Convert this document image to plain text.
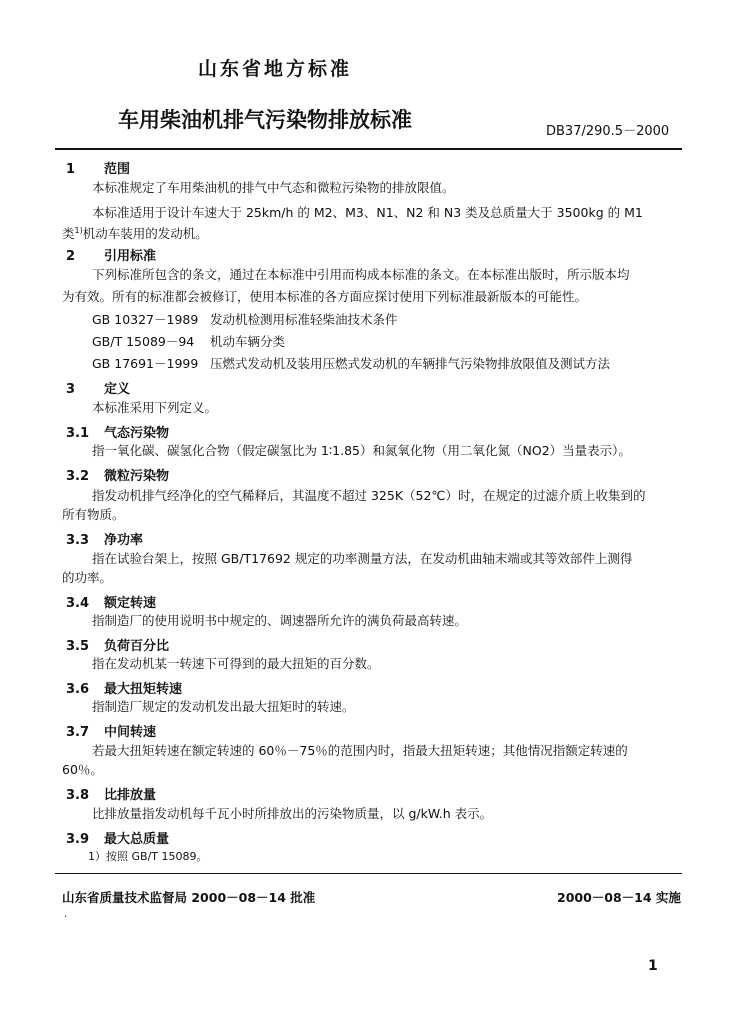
山东省地方标准
车用柴油机排气污染物排放标准	DB37/290.5－2000
1 范围
本标准规定了车用柴油机的排气中气态和微粒污染物的排放限值。
本标准适用于设计车速大于 25km/h 的 M2、M3、N1、N2 和 N3 类及总质量大于 3500kg 的 M1
类$^{1)}$机动车装用的发动机。
2 引用标准
下列标准所包含的条文，通过在本标准中引用而构成本标准的条文。在本标准出版时，所示版本均
为有效。所有的标准都会被修订，使用本标准的各方面应探讨使用下列标准最新版本的可能性。
GB 10327－1989 发动机检测用标准轻柴油技术条件
GB/T 15089－94 机动车辆分类
GB 17691－1999 压燃式发动机及装用压燃式发动机的车辆排气污染物排放限值及测试方法
3 定义
本标准采用下列定义。
3.1 气态污染物
指一氧化碳、碳氢化合物（假定碳氢比为 1∶1.85）和氮氧化物（用二氧化氮（NO2）当量表示）。
3.2 微粒污染物
指发动机排气经净化的空气稀释后，其温度不超过 325K（52℃）时，在规定的过滤介质上收集到的
所有物质。
3.3 净功率
指在试验台架上，按照 GB/T17692 规定的功率测量方法，在发动机曲轴末端或其等效部件上测得
的功率。
3.4 额定转速
指制造厂的使用说明书中规定的、调速器所允许的满负荷最高转速。
3.5 负荷百分比
指在发动机某一转速下可得到的最大扭矩的百分数。
3.6 最大扭矩转速
指制造厂规定的发动机发出最大扭矩时的转速。
3.7 中间转速
若最大扭矩转速在额定转速的 60％－75％的范围内时，指最大扭矩转速；其他情况指额定转速的
60％。
3.8 比排放量
比排放量指发动机每千瓦小时所排放出的污染物质量，以 g/kW.h 表示。
3.9 最大总质量
1）按照 GB/T 15089。
山东省质量技术监督局 2000－08－14 批准	2000－08－14 实施
·
1
